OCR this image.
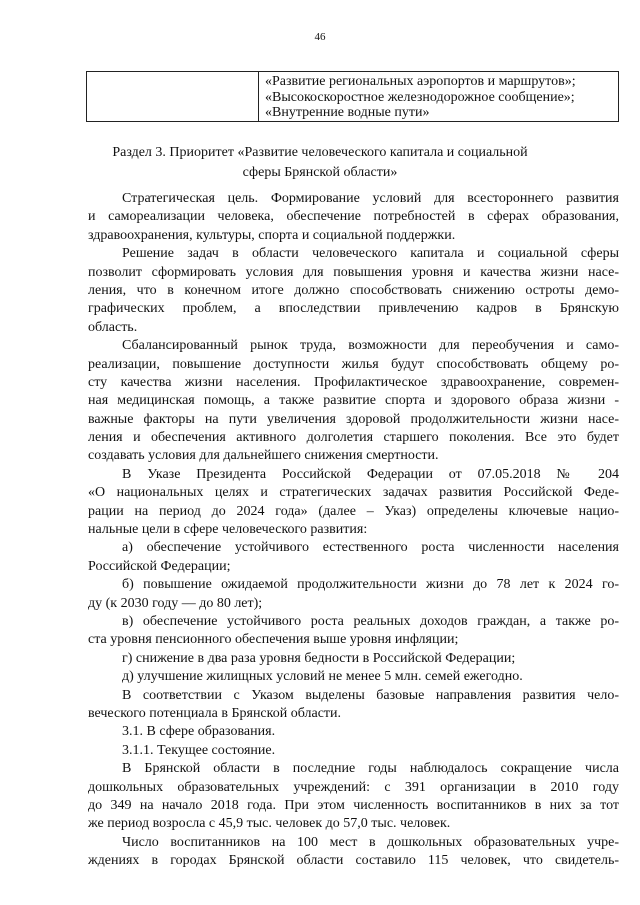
46

«Развитие региональных аэропортов и маршрутов»;
«Высокоскоростное железнодорожное сообщение»;
«Внутренние водные пути»
Раздел 3. Приоритет «Развитие человеческого капитала и социальной
сферы Брянской области»
Стратегическая цель. Формирование условий для всестороннего развития
и самореализации человека, обеспечение потребностей в сферах образования,
здравоохранения, культуры, спорта и социальной поддержки.
Решение задач в области человеческого капитала и социальной сферы
позволит сформировать условия для повышения уровня и качества жизни насе-
ления, что в конечном итоге должно способствовать снижению остроты демо-
графических проблем, а впоследствии привлечению кадров в Брянскую
область.
Сбалансированный рынок труда, возможности для переобучения и само-
реализации, повышение доступности жилья будут способствовать общему ро-
сту качества жизни населения. Профилактическое здравоохранение, современ-
ная медицинская помощь, а также развитие спорта и здорового образа жизни -
важные факторы на пути увеличения здоровой продолжительности жизни насе-
ления и обеспечения активного долголетия старшего поколения. Все это будет
создавать условия для дальнейшего снижения смертности.
В Указе Президента Российской Федерации от 07.05.2018 № 204
«О национальных целях и стратегических задачах развития Российской Феде-
рации на период до 2024 года» (далее – Указ) определены ключевые нацио-
нальные цели в сфере человеческого развития:
а) обеспечение устойчивого естественного роста численности населения
Российской Федерации;
б) повышение ожидаемой продолжительности жизни до 78 лет к 2024 го-
ду (к 2030 году — до 80 лет);
в) обеспечение устойчивого роста реальных доходов граждан, а также ро-
ста уровня пенсионного обеспечения выше уровня инфляции;
г) снижение в два раза уровня бедности в Российской Федерации;
д) улучшение жилищных условий не менее 5 млн. семей ежегодно.
В соответствии с Указом выделены базовые направления развития чело-
веческого потенциала в Брянской области.
3.1. В сфере образования.
3.1.1. Текущее состояние.
В Брянской области в последние годы наблюдалось сокращение числа
дошкольных образовательных учреждений: с 391 организации в 2010 году
до 349 на начало 2018 года. При этом численность воспитанников в них за тот
же период возросла с 45,9 тыс. человек до 57,0 тыс. человек.
Число воспитанников на 100 мест в дошкольных образовательных учре-
ждениях в городах Брянской области составило 115 человек, что свидетель-
